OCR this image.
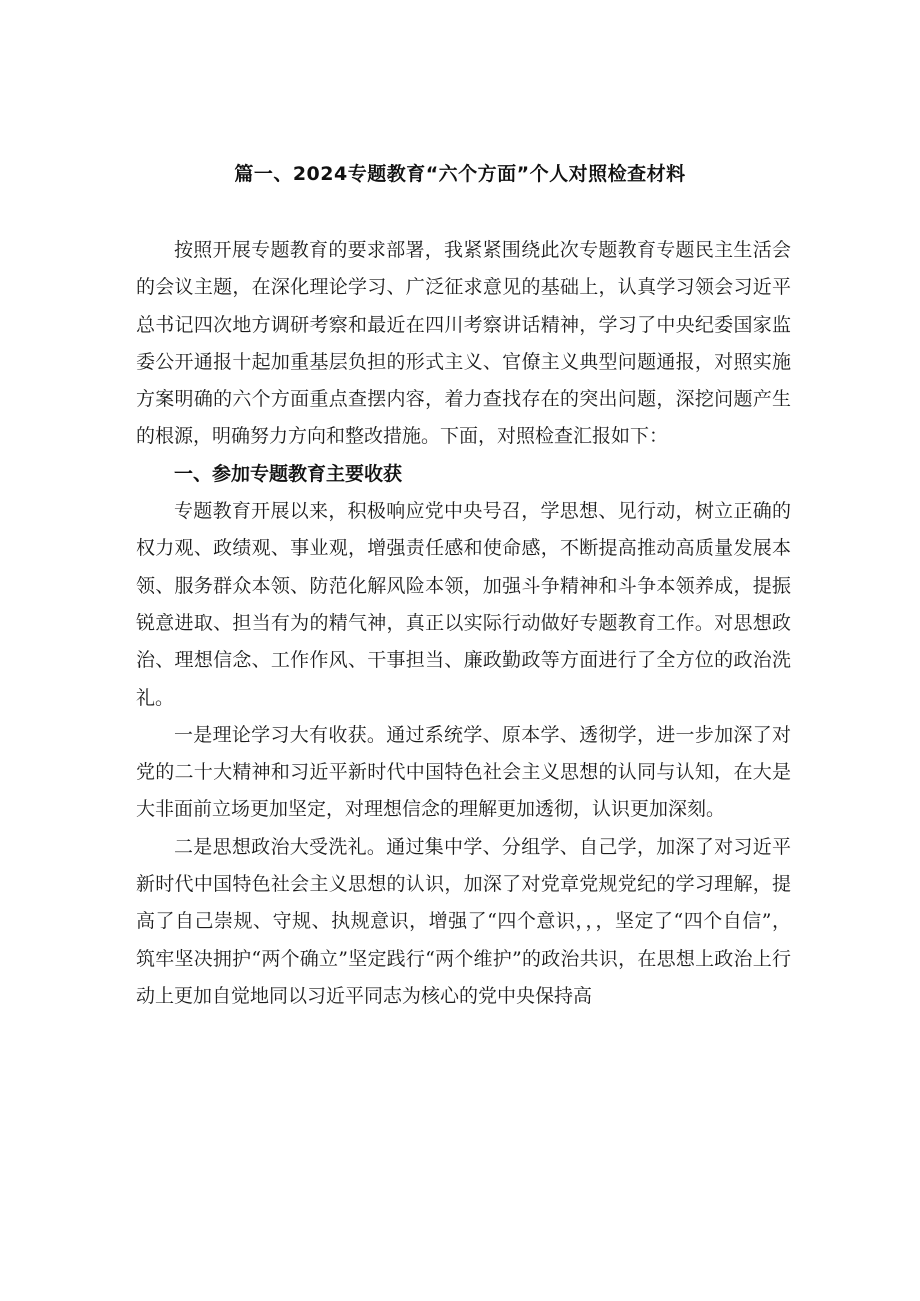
篇一、2024专题教育“六个方面”个人对照检查材料

按照开展专题教育的要求部署，我紧紧围绕此次专题教育专题民主生活会的会议主题，在深化理论学习、广泛征求意见的基础上，认真学习领会习近平总书记四次地方调研考察和最近在四川考察讲话精神，学习了中央纪委国家监委公开通报十起加重基层负担的形式主义、官僚主义典型问题通报，对照实施方案明确的六个方面重点查摆内容，着力查找存在的突出问题，深挖问题产生的根源，明确努力方向和整改措施。下面，对照检查汇报如下：

一、参加专题教育主要收获

专题教育开展以来，积极响应党中央号召，学思想、见行动，树立正确的权力观、政绩观、事业观，增强责任感和使命感，不断提高推动高质量发展本领、服务群众本领、防范化解风险本领，加强斗争精神和斗争本领养成，提振锐意进取、担当有为的精气神，真正以实际行动做好专题教育工作。对思想政治、理想信念、工作作风、干事担当、廉政勤政等方面进行了全方位的政治洗礼。

一是理论学习大有收获。通过系统学、原本学、透彻学，进一步加深了对党的二十大精神和习近平新时代中国特色社会主义思想的认同与认知，在大是大非面前立场更加坚定，对理想信念的理解更加透彻，认识更加深刻。

二是思想政治大受洗礼。通过集中学、分组学、自己学，加深了对习近平新时代中国特色社会主义思想的认识，加深了对党章党规党纪的学习理解，提高了自己崇规、守规、执规意识，增强了“四个意识，，，坚定了“四个自信”，筑牢坚决拥护“两个确立”坚定践行“两个维护”的政治共识，在思想上政治上行动上更加自觉地同以习近平同志为核心的党中央保持高
